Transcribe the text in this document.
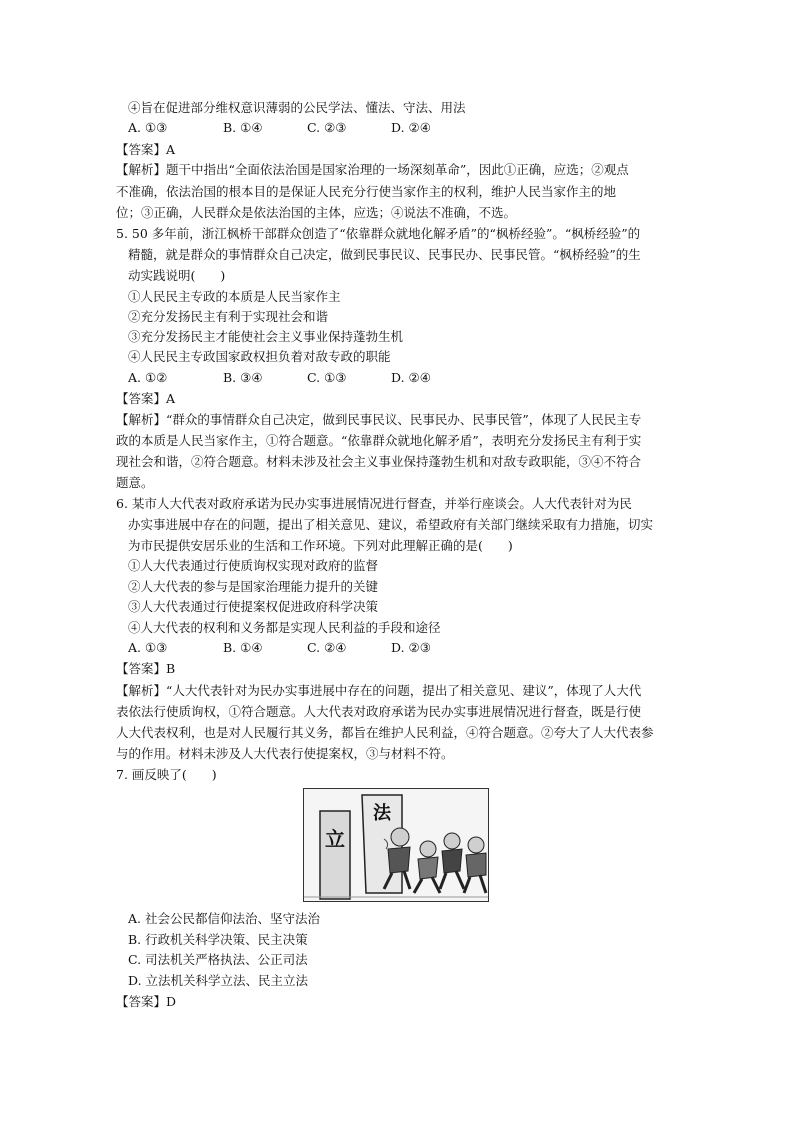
④旨在促进部分维权意识薄弱的公民学法、懂法、守法、用法
A. ①③	B. ①④	C. ②③	D. ②④
【答案】A
【解析】题干中指出“全面依法治国是国家治理的一场深刻革命”，因此①正确，应选；②观点
不准确，依法治国的根本目的是保证人民充分行使当家作主的权利，维护人民当家作主的地
位；③正确，人民群众是依法治国的主体，应选；④说法不准确，不选。
5. 50 多年前，浙江枫桥干部群众创造了“依靠群众就地化解矛盾”的“枫桥经验”。“枫桥经验”的
精髓，就是群众的事情群众自己决定，做到民事民议、民事民办、民事民管。“枫桥经验”的生
动实践说明(　　)
①人民民主专政的本质是人民当家作主
②充分发扬民主有利于实现社会和谐
③充分发扬民主才能使社会主义事业保持蓬勃生机
④人民民主专政国家政权担负着对敌专政的职能
A. ①②	B. ③④	C. ①③	D. ②④
【答案】A
【解析】“群众的事情群众自己决定，做到民事民议、民事民办、民事民管”，体现了人民民主专
政的本质是人民当家作主，①符合题意。“依靠群众就地化解矛盾”，表明充分发扬民主有利于实
现社会和谐，②符合题意。材料未涉及社会主义事业保持蓬勃生机和对敌专政职能，③④不符合
题意。
6. 某市人大代表对政府承诺为民办实事进展情况进行督查，并举行座谈会。人大代表针对为民
办实事进展中存在的问题，提出了相关意见、建议，希望政府有关部门继续采取有力措施，切实
为市民提供安居乐业的生活和工作环境。下列对此理解正确的是(　　)
①人大代表通过行使质询权实现对政府的监督
②人大代表的参与是国家治理能力提升的关键
③人大代表通过行使提案权促进政府科学决策
④人大代表的权利和义务都是实现人民利益的手段和途径
A. ①③	B. ①④	C. ②④	D. ②③
【答案】B
【解析】“人大代表针对为民办实事进展中存在的问题，提出了相关意见、建议”，体现了人大代
表依法行使质询权，①符合题意。人大代表对政府承诺为民办实事进展情况进行督查，既是行使
人大代表权利，也是对人民履行其义务，都旨在维护人民利益，④符合题意。②夸大了人大代表参
与的作用。材料未涉及人大代表行使提案权，③与材料不符。
7. 画反映了(　　)
立
法
A. 社会公民都信仰法治、坚守法治
B. 行政机关科学决策、民主决策
C. 司法机关严格执法、公正司法
D. 立法机关科学立法、民主立法
【答案】D
